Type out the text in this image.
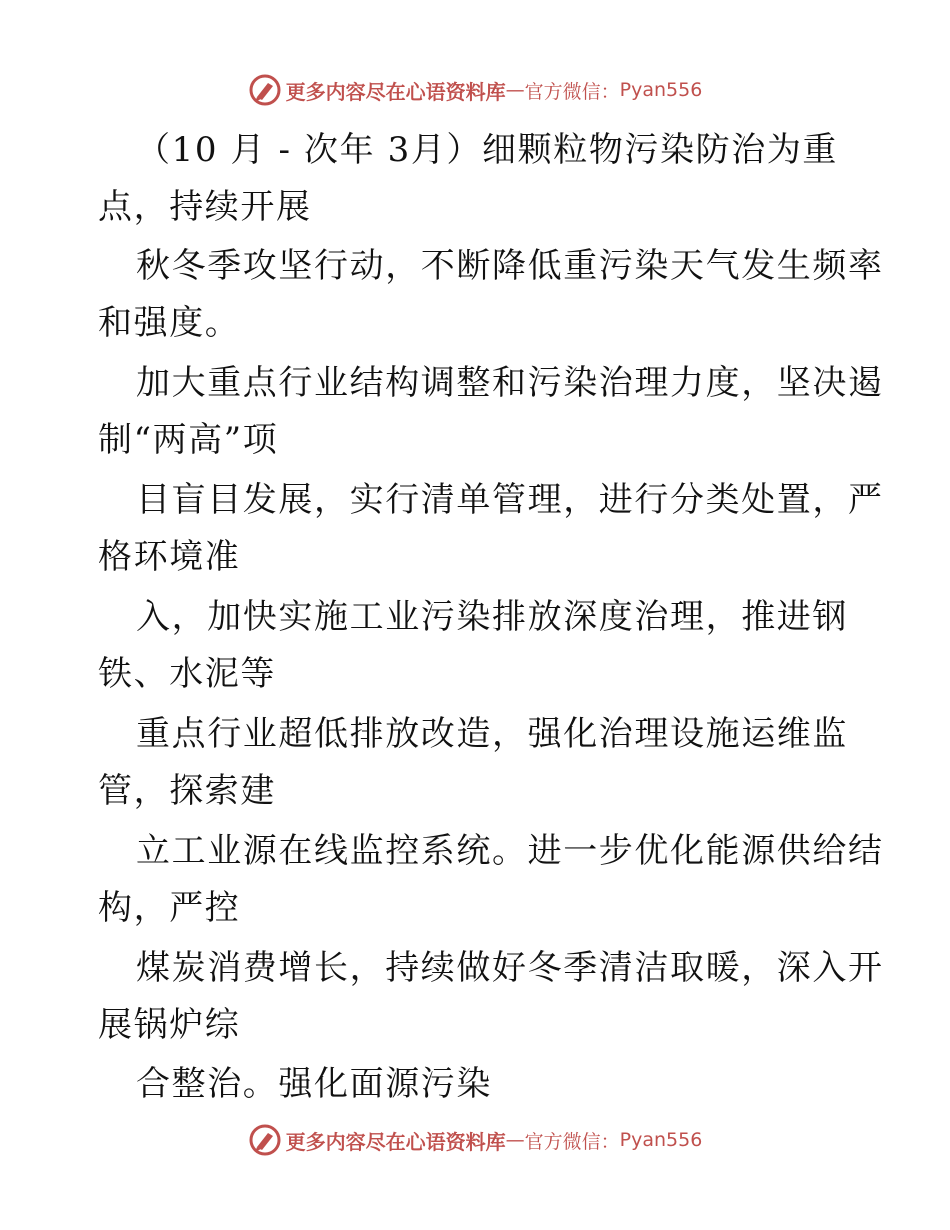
更多内容尽在心语资料库 — 官方微信： Pyan556
（10 月 - 次年 3月）细颗粒物污染防治为重
点，持续开展
秋冬季攻坚行动，不断降低重污染天气发生频率
和强度。
加大重点行业结构调整和污染治理力度，坚决遏
制“两高”项
目盲目发展，实行清单管理，进行分类处置，严
格环境准
入，加快实施工业污染排放深度治理，推进钢
铁、水泥等
重点行业超低排放改造，强化治理设施运维监
管，探索建
立工业源在线监控系统。进一步优化能源供给结
构，严控
煤炭消费增长，持续做好冬季清洁取暖，深入开
展锅炉综
合整治。强化面源污染
更多内容尽在心语资料库 — 官方微信： Pyan556
